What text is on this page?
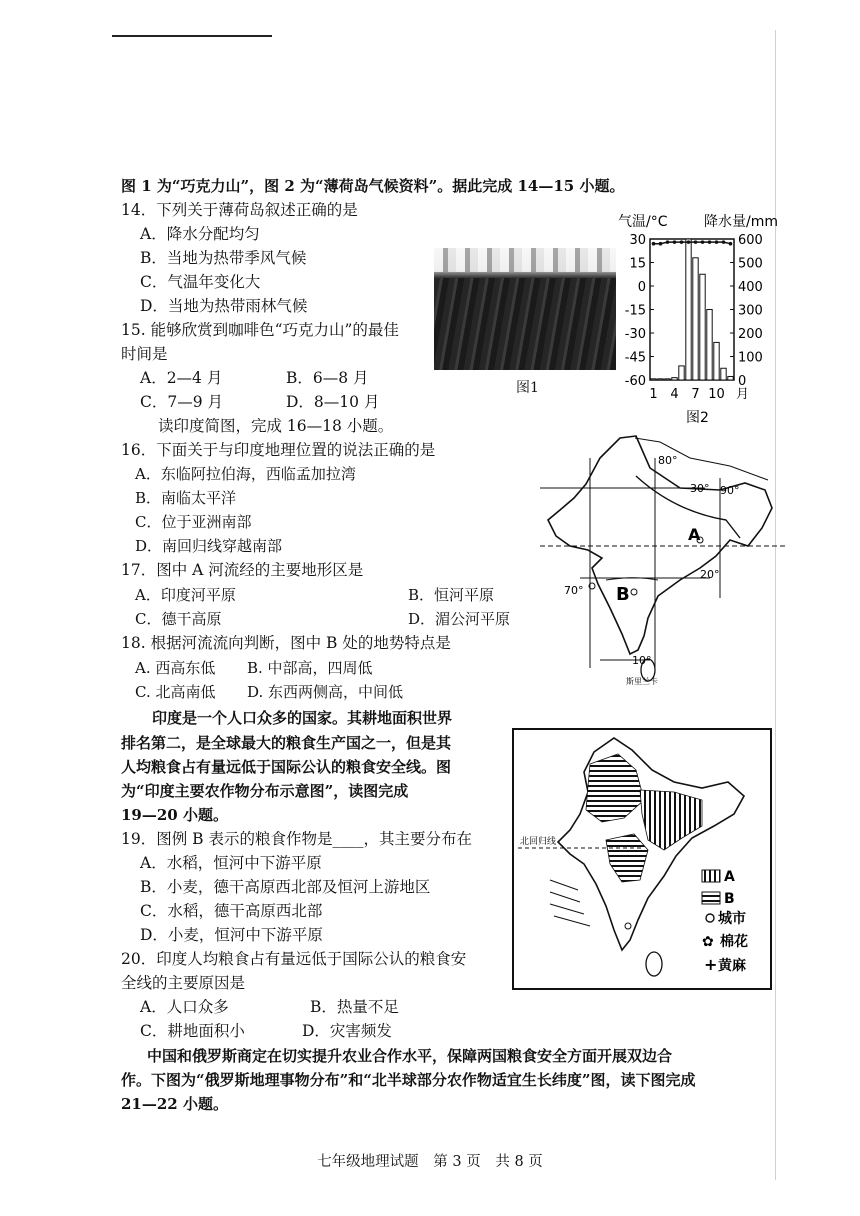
图 1 为“巧克力山”，图 2 为“薄荷岛气候资料”。据此完成 14—15 小题。
14．下列关于薄荷岛叙述正确的是
A．降水分配均匀
B．当地为热带季风气候
C．气温年变化大
D．当地为热带雨林气候
15. 能够欣赏到咖啡色“巧克力山”的最佳
时间是
A．2—4 月	B．6—8 月
C．7—9 月	D．8—10 月
图1
气温/°C	降水量/mm
30
15
0
-15
-30
-45
-60
600
500
400
300
200
100
0
1 4 7 10 月
图2
读印度简图，完成 16—18 小题。
16．下面关于与印度地理位置的说法正确的是
A．东临阿拉伯海，西临孟加拉湾
B．南临太平洋
C．位于亚洲南部
D．南回归线穿越南部
17．图中 A 河流经的主要地形区是
A．印度河平原	B．恒河平原
C．德干高原	D．湄公河平原
18. 根据河流流向判断，图中 B 处的地势特点是
A. 西高东低 B. 中部高，四周低
C. 北高南低 D. 东西两侧高，中间低
80°
30° 90°
20°
70°
10°
A
B
斯里兰卡
印度是一个人口众多的国家。其耕地面积世界
排名第二，是全球最大的粮食生产国之一，但是其
人均粮食占有量远低于国际公认的粮食安全线。图
为“印度主要农作物分布示意图”，读图完成
19—20 小题。
19．图例 B 表示的粮食作物是____，其主要分布在
A．水稻，恒河中下游平原
B．小麦，德干高原西北部及恒河上游地区
C．水稻，德干高原西北部
D．小麦，恒河中下游平原
20．印度人均粮食占有量远低于国际公认的粮食安
全线的主要原因是
A．人口众多	B．热量不足
C．耕地面积小	D．灾害频发
北回归线
A
B
城市
✿ 棉花
+ 黄麻
中国和俄罗斯商定在切实提升农业合作水平，保障两国粮食安全方面开展双边合
作。下图为“俄罗斯地理事物分布”和“北半球部分农作物适宜生长纬度”图，读下图完成
21—22 小题。
七年级地理试题 第 3 页 共 8 页
